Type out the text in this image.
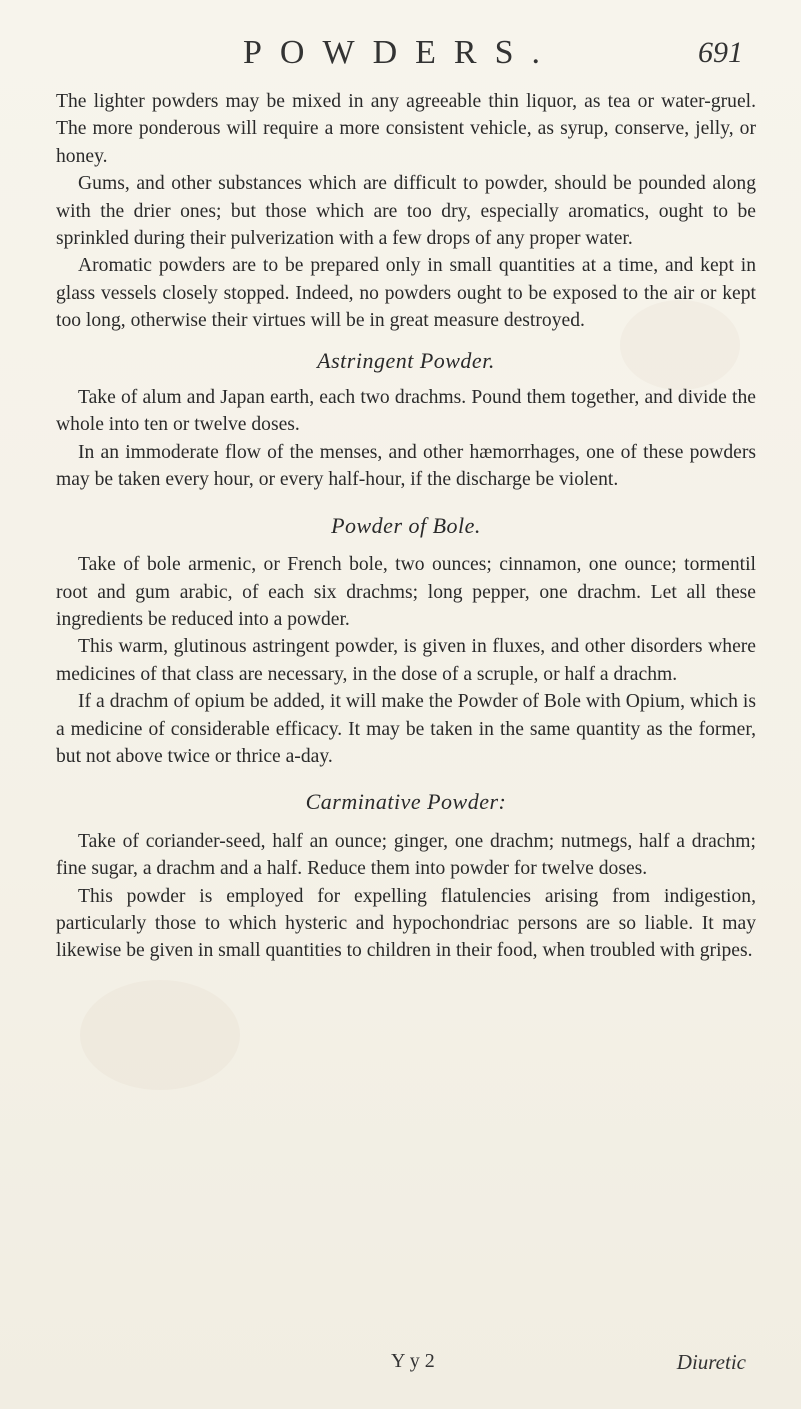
POWDERS.	691

The lighter powders may be mixed in any agreeable thin liquor, as tea or water-gruel. The more ponderous will require a more consistent vehicle, as syrup, conserve, jelly, or honey.

Gums, and other substances which are difficult to powder, should be pounded along with the drier ones; but those which are too dry, especially aromatics, ought to be sprinkled during their pulverization with a few drops of any proper water.

Aromatic powders are to be prepared only in small quantities at a time, and kept in glass vessels closely stopped. Indeed, no powders ought to be exposed to the air or kept too long, otherwise their virtues will be in great measure destroyed.

Astringent Powder.

Take of alum and Japan earth, each two drachms. Pound them together, and divide the whole into ten or twelve doses.

In an immoderate flow of the menses, and other hæmorrhages, one of these powders may be taken every hour, or every half-hour, if the discharge be violent.

Powder of Bole.

Take of bole armenic, or French bole, two ounces; cinnamon, one ounce; tormentil root and gum arabic, of each six drachms; long pepper, one drachm. Let all these ingredients be reduced into a powder.

This warm, glutinous astringent powder, is given in fluxes, and other disorders where medicines of that class are necessary, in the dose of a scruple, or half a drachm.

If a drachm of opium be added, it will make the Powder of Bole with Opium, which is a medicine of considerable efficacy. It may be taken in the same quantity as the former, but not above twice or thrice a-day.

Carminative Powder:

Take of coriander-seed, half an ounce; ginger, one drachm; nutmegs, half a drachm; fine sugar, a drachm and a half. Reduce them into powder for twelve doses.

This powder is employed for expelling flatulencies arising from indigestion, particularly those to which hysteric and hypochondriac persons are so liable. It may likewise be given in small quantities to children in their food, when troubled with gripes.

Y y 2	Diuretic
